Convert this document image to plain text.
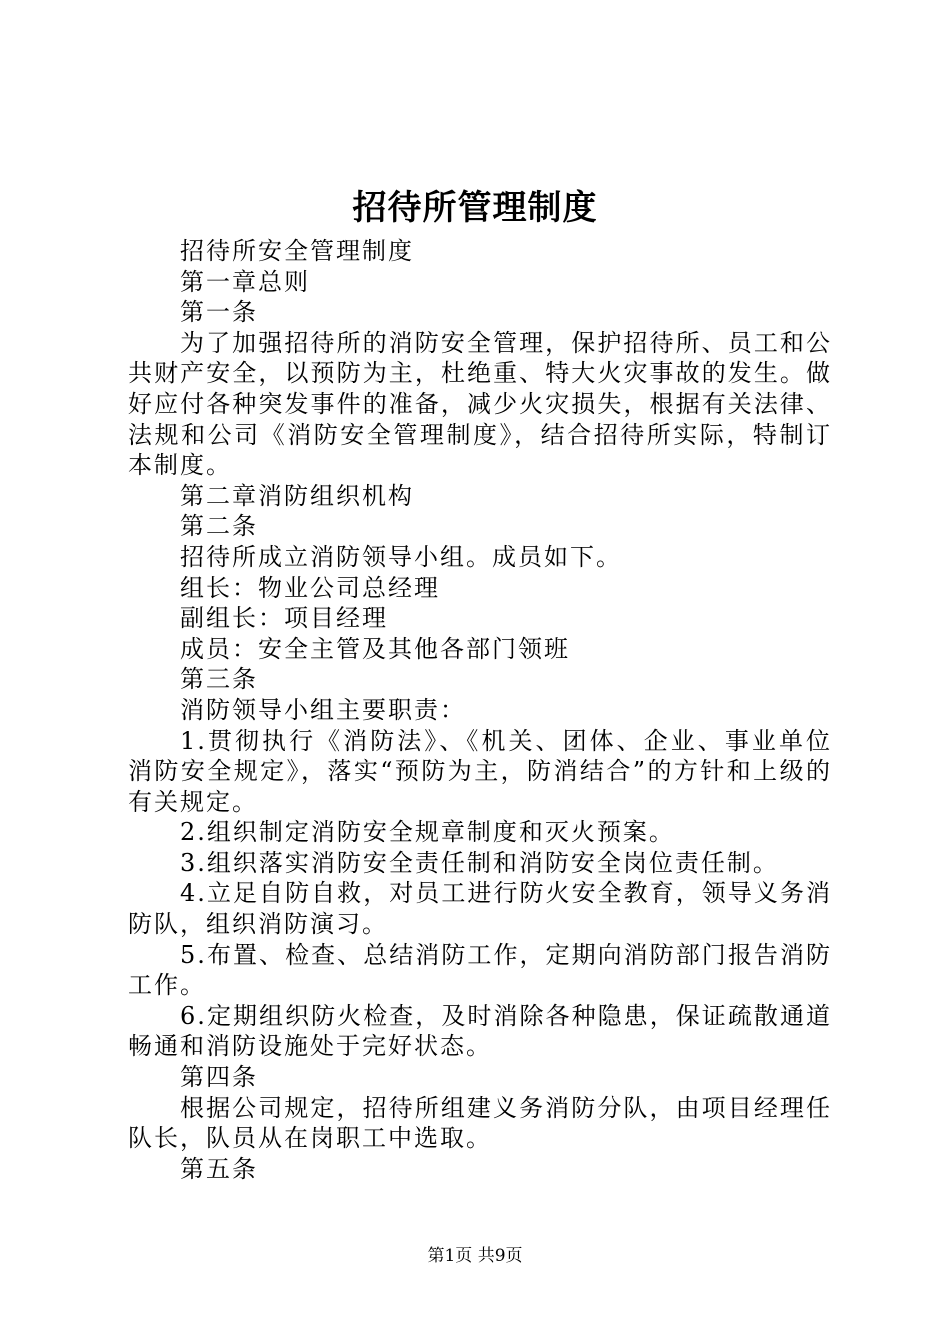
招待所管理制度

招待所安全管理制度

第一章总则

第一条

为了加强招待所的消防安全管理，保护招待所、员工和公共财产安全，以预防为主，杜绝重、特大火灾事故的发生。做好应付各种突发事件的准备，减少火灾损失，根据有关法律、法规和公司《消防安全管理制度》，结合招待所实际，特制订本制度。

第二章消防组织机构

第二条

招待所成立消防领导小组。成员如下。

组长：物业公司总经理

副组长：项目经理

成员：安全主管及其他各部门领班

第三条

消防领导小组主要职责：

1.贯彻执行《消防法》、《机关、团体、企业、事业单位消防安全规定》，落实“预防为主，防消结合”的方针和上级的有关规定。

2.组织制定消防安全规章制度和灭火预案。

3.组织落实消防安全责任制和消防安全岗位责任制。

4.立足自防自救，对员工进行防火安全教育，领导义务消防队，组织消防演习。

5.布置、检查、总结消防工作，定期向消防部门报告消防工作。

6.定期组织防火检查，及时消除各种隐患，保证疏散通道畅通和消防设施处于完好状态。

第四条

根据公司规定，招待所组建义务消防分队，由项目经理任队长，队员从在岗职工中选取。

第五条

第1页 共9页
